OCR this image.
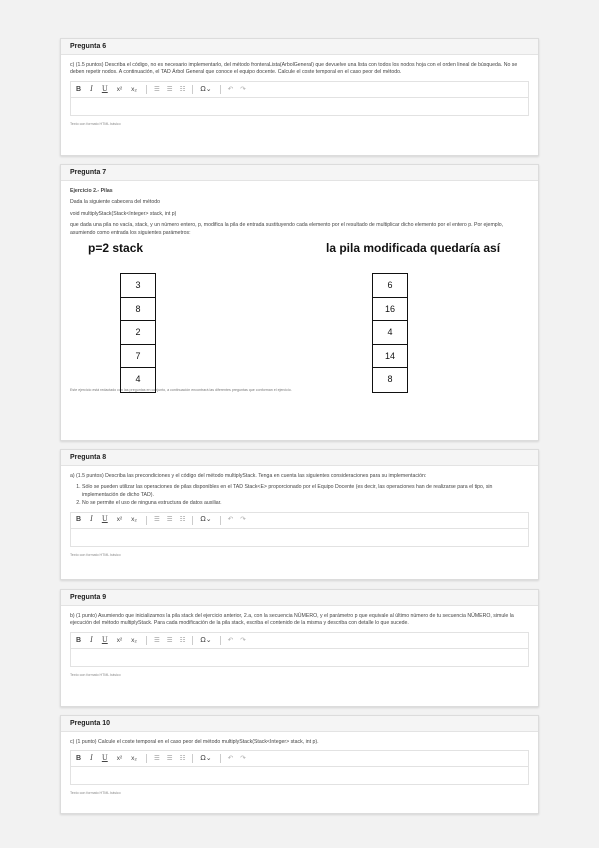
Pregunta 6
c) (1.5 puntos) Describa el código, no es necesario implementarlo, del método fronteraLista(ArbolGeneral) que devuelve una lista con todos los nodos hoja con el orden lineal de búsqueda. No se deben repetir nodos. A continuación, el TAD Árbol General que conoce el equipo docente. Calcule el coste temporal en el caso peor del método.
B I U x² x₂	☰ ☰ ☷ Ω⌄ ↶ ↷
Texto con formato HTML básico
Pregunta 7
Ejercicio 2.- Pilas
Dada la siguiente cabecera del método
void multiplyStack(Stack<Integer> stack, int p)
que dada una pila no vacía, stack, y un número entero, p, modifica la pila de entrada sustituyendo cada elemento por el resultado de multiplicar dicho elemento por el entero p. Por ejemplo, asumiendo como entrada los siguientes parámetros:
p=2 stack	la pila modificada quedaría así
3
8
2
7
4
6
16
4
14
8
Este ejercicio está redactado con las preguntas en conjunto, a continuación encontrará las diferentes preguntas que conforman el ejercicio.
Pregunta 8
a) (1.5 puntos) Describa las precondiciones y el código del método multiplyStack. Tenga en cuenta las siguientes consideraciones para su implementación:
1. Sólo se pueden utilizar las operaciones de pilas disponibles en el TAD Stack<E> proporcionado por el Equipo Docente (es decir, las operaciones han de realizarse para el tipo, sin implementación de dicho TAD).
2. No se permite el uso de ninguna estructura de datos auxiliar.
B I U x² x₂	☰ ☰ ☷ Ω⌄ ↶ ↷
Texto con formato HTML básico
Pregunta 9
b) (1 punto) Asumiendo que inicializamos la pila stack del ejercicio anterior, 2.a, con la secuencia NÚMERO, y el parámetro p que equivale al último número de tu secuencia NÚMERO, simule la ejecución del método multiplyStack. Para cada modificación de la pila stack, escriba el contenido de la misma y describa con detalle lo que sucede.
B I U x² x₂	☰ ☰ ☷ Ω⌄ ↶ ↷
Texto con formato HTML básico
Pregunta 10
c) (1 punto) Calcule el coste temporal en el caso peor del método multiplyStack(Stack<Integer> stack, int p).
B I U x² x₂	☰ ☰ ☷ Ω⌄ ↶ ↷
Texto con formato HTML básico
